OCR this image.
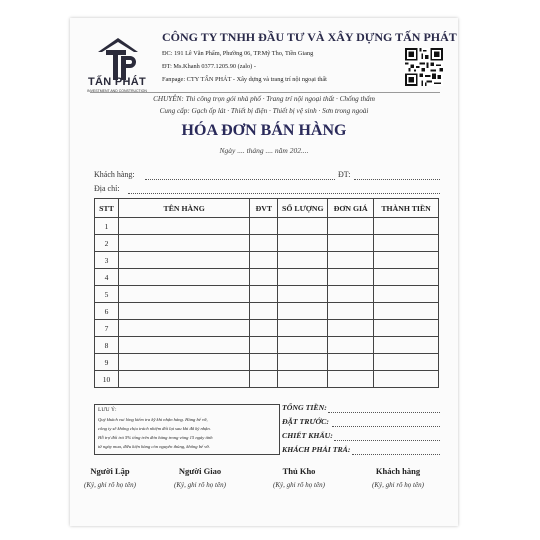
TẤN PHÁT
INVESTMENT AND CONSTRUCTION
CÔNG TY TNHH ĐẦU TƯ VÀ XÂY DỰNG TẤN PHÁT
ĐC: 191 Lê Văn Phẩm, Phường 06, TP.Mỹ Tho, Tiền Giang
ĐT: Ms.Khanh 0377.1205.90 (zalo) -
Fanpage: CTY TẤN PHÁT - Xây dựng và trang trí nội ngoại thất
CHUYÊN: Thi công trọn gói nhà phố · Trang trí nội ngoại thất · Chống thấm
Cung cấp: Gạch ốp lát · Thiết bị điện · Thiết bị vệ sinh · Sơn trong ngoài
HÓA ĐƠN BÁN HÀNG
Ngày .... tháng .... năm 202....
Khách hàng:	ĐT:
Địa chỉ:
STT	TÊN HÀNG	ĐVT	SỐ LƯỢNG	ĐƠN GIÁ	THÀNH TIỀN
1					
2					
3					
4					
5					
6					
7					
8					
9					
10					
LƯU Ý:
Quý khách vui lòng kiểm tra kỹ khi nhận hàng. Hàng bể vỡ,
công ty sẽ không chịu trách nhiệm đổi lại sau khi đã ký nhận.
Hỗ trợ đổi trả 5% tổng trên đơn hàng trong vòng 15 ngày tính
từ ngày mua, điều kiện hàng còn nguyên thùng, không bể vỡ.
TỔNG TIỀN:
ĐẶT TRƯỚC:
CHIẾT KHẤU:
KHÁCH PHẢI TRẢ:
Người Lập
(Ký, ghi rõ họ tên)
Người Giao
(Ký, ghi rõ họ tên)
Thủ Kho
(Ký, ghi rõ họ tên)
Khách hàng
(Ký, ghi rõ họ tên)
